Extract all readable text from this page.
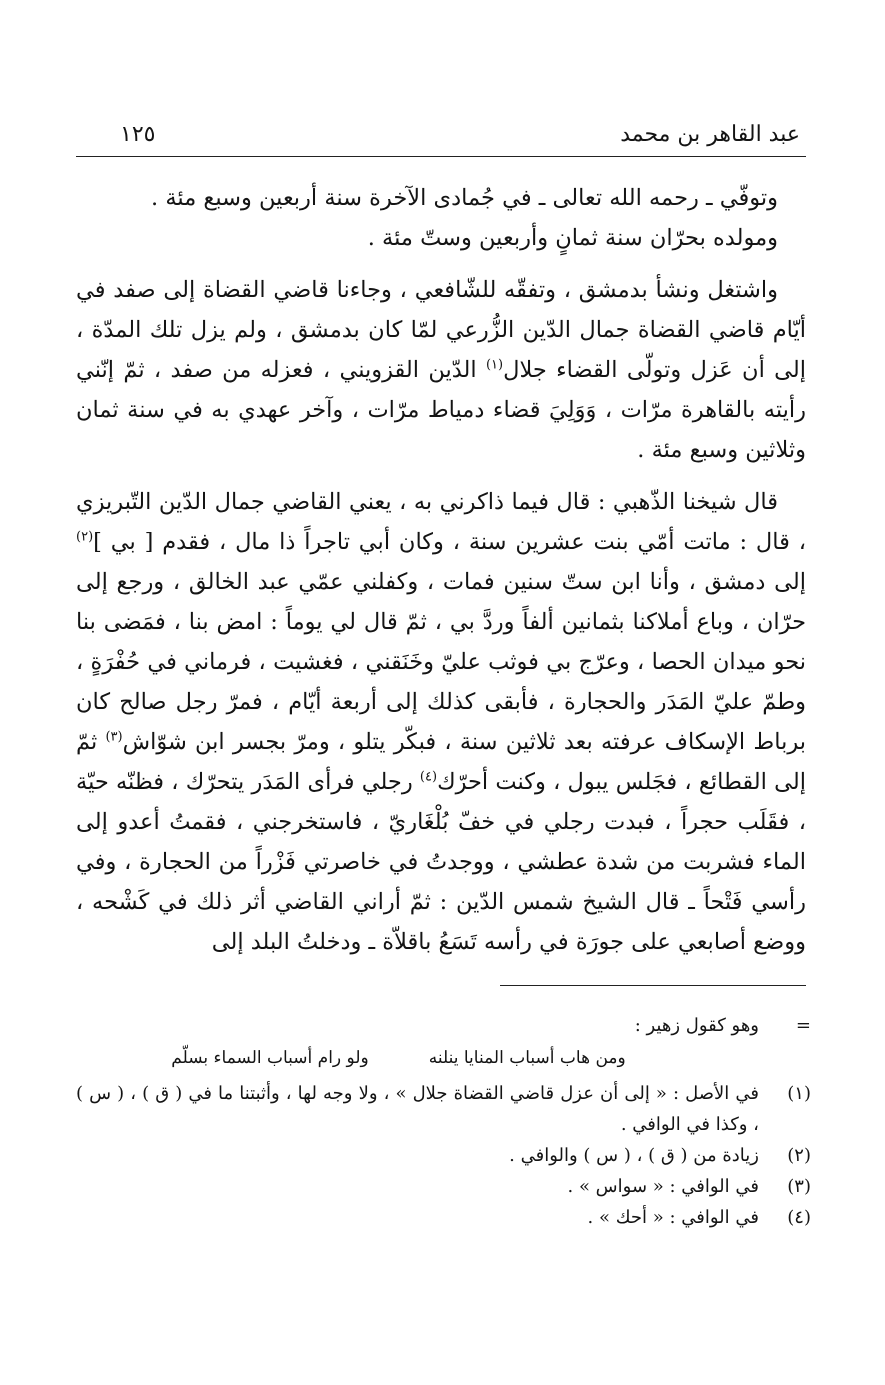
عبد القاهر بن محمد
١٢٥

وتوفّي ـ رحمه الله تعالى ـ في جُمادى الآخرة سنة أربعين وسبع مئة .

ومولده بحرّان سنة ثمانٍ وأربعين وستّ مئة .

واشتغل ونشأ بدمشق ، وتفقّه للشّافعي ، وجاءنا قاضي القضاة إلى صفد في أيّام قاضي القضاة جمال الدّين الزُّرعي لمّا كان بدمشق ، ولم يزل تلك المدّة ، إلى أن عَزل وتولّى القضاء جلال$^{(١)}$ الدّين القزويني ، فعزله من صفد ، ثمّ إنّني رأيته بالقاهرة مرّات ، وَوَلِيَ قضاء دمياط مرّات ، وآخر عهدي به في سنة ثمان وثلاثين وسبع مئة .

قال شيخنا الذّهبي : قال فيما ذاكرني به ، يعني القاضي جمال الدّين التّبريزي ، قال : ماتت أمّي بنت عشرين سنة ، وكان أبي تاجراً ذا مال ، فقدم [ بي ]$^{(٢)}$ إلى دمشق ، وأنا ابن ستّ سنين فمات ، وكفلني عمّي عبد الخالق ، ورجع إلى حرّان ، وباع أملاكنا بثمانين ألفاً وردَّ بي ، ثمّ قال لي يوماً : امض بنا ، فمَضى بنا نحو ميدان الحصا ، وعرّج بي فوثب عليّ وخَنَقني ، فغشيت ، فرماني في حُفْرَةٍ ، وطمّ عليّ المَدَر والحجارة ، فأبقى كذلك إلى أربعة أيّام ، فمرّ رجل صالح كان برباط الإسكاف عرفته بعد ثلاثين سنة ، فبكّر يتلو ، ومرّ بجسر ابن شوّاش$^{(٣)}$ ثمّ إلى القطائع ، فجَلس يبول ، وكنت أحرّك$^{(٤)}$ رجلي فرأى المَدَر يتحرّك ، فظنّه حيّة ، فقَلَب حجراً ، فبدت رجلي في خفّ بُلْغَاريّ ، فاستخرجني ، فقمتُ أعدو إلى الماء فشربت من شدة عطشي ، ووجدتُ في خاصرتي فَزْراً من الحجارة ، وفي رأسي فَتْحاً ـ قال الشيخ شمس الدّين : ثمّ أراني القاضي أثر ذلك في كَشْحه ، ووضع أصابعي على جورَة في رأسه تَسَعُ باقلاّة ـ ودخلتُ البلد إلى

=
وهو كقول زهير :
ومن هاب أسباب المنايا ينلنه
ولو رام أسباب السماء بسلّم
(١)
في الأصل : « إلى أن عزل قاضي القضاة جلال » ، ولا وجه لها ، وأثبتنا ما في ( ق ) ، ( س ) ، وكذا في الوافي .
(٢)
زيادة من ( ق ) ، ( س ) والوافي .
(٣)
في الوافي : « سواس » .
(٤)
في الوافي : « أحك » .
